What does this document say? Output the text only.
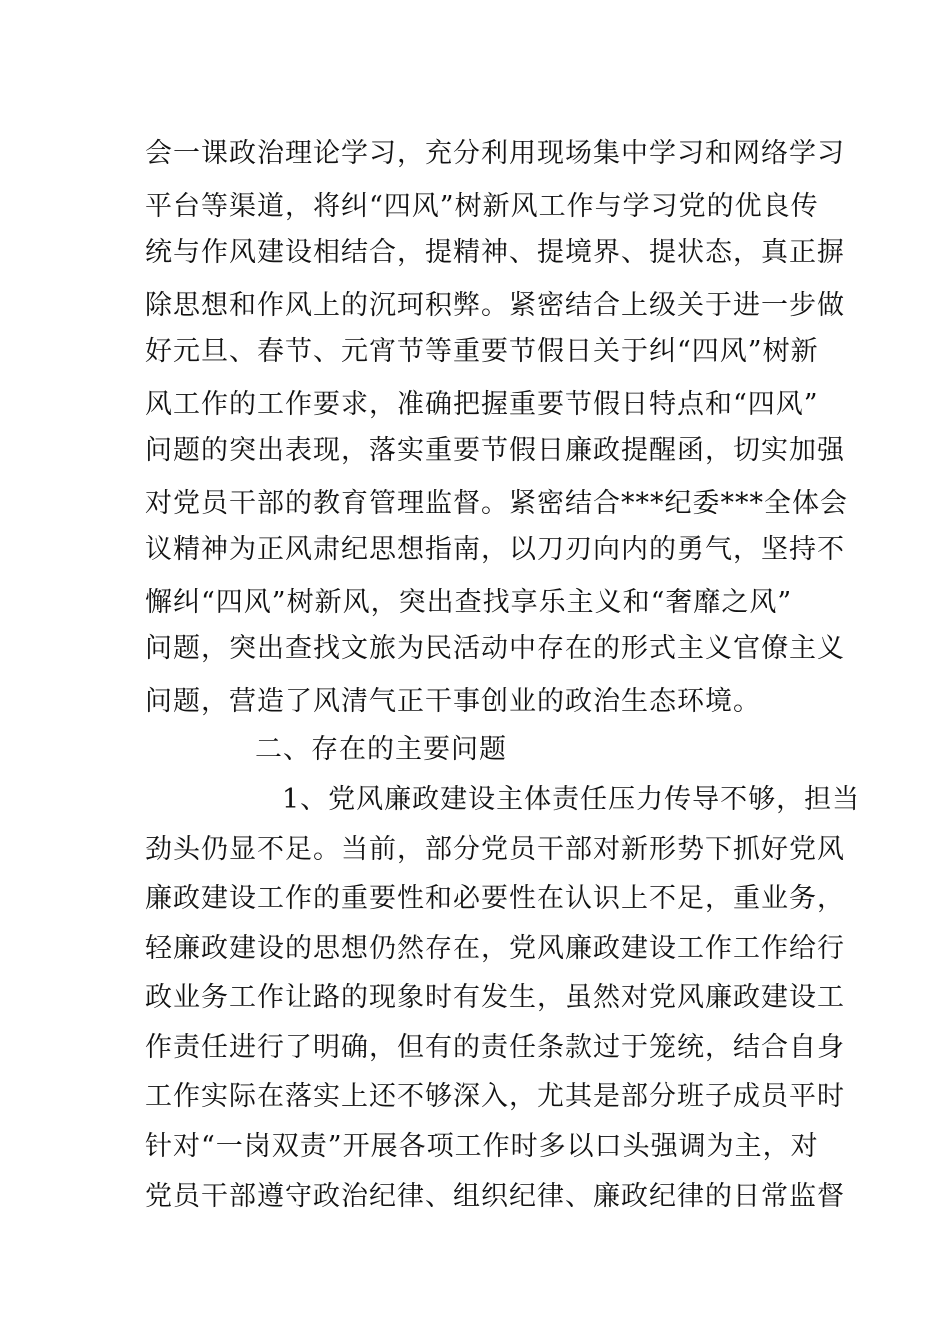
会一课政治理论学习，充分利用现场集中学习和网络学习
平台等渠道，将纠“四风”树新风工作与学习党的优良传
统与作风建设相结合，提精神、提境界、提状态，真正摒
除思想和作风上的沉珂积弊。紧密结合上级关于进一步做
好元旦、春节、元宵节等重要节假日关于纠“四风”树新
风工作的工作要求，准确把握重要节假日特点和“四风”
问题的突出表现，落实重要节假日廉政提醒函，切实加强
对党员干部的教育管理监督。紧密结合***纪委***全体会
议精神为正风肃纪思想指南，以刀刃向内的勇气，坚持不
懈纠“四风”树新风，突出查找享乐主义和“奢靡之风”
问题，突出查找文旅为民活动中存在的形式主义官僚主义
问题，营造了风清气正干事创业的政治生态环境。
二、存在的主要问题
1、党风廉政建设主体责任压力传导不够，担当
劲头仍显不足。当前，部分党员干部对新形势下抓好党风
廉政建设工作的重要性和必要性在认识上不足，重业务，
轻廉政建设的思想仍然存在，党风廉政建设工作工作给行
政业务工作让路的现象时有发生，虽然对党风廉政建设工
作责任进行了明确，但有的责任条款过于笼统，结合自身
工作实际在落实上还不够深入，尤其是部分班子成员平时
针对“一岗双责”开展各项工作时多以口头强调为主，对
党员干部遵守政治纪律、组织纪律、廉政纪律的日常监督
